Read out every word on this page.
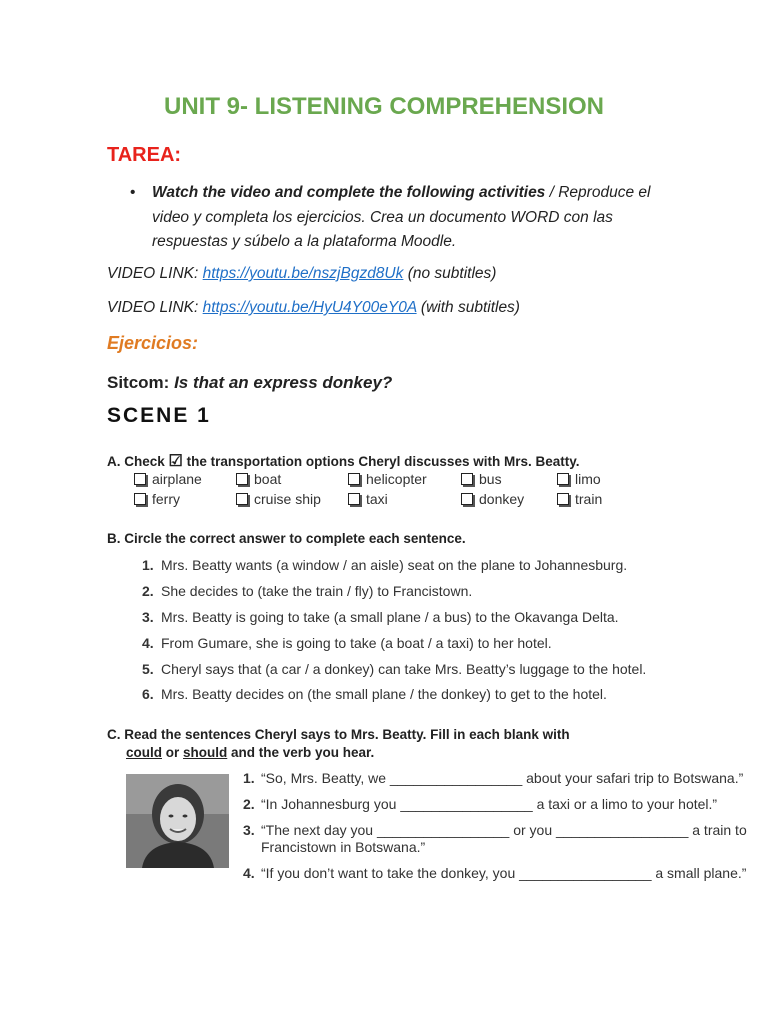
UNIT 9- LISTENING COMPREHENSION
TAREA:
• Watch the video and complete the following activities / Reproduce el video y completa los ejercicios. Crea un documento WORD con las respuestas y súbelo a la plataforma Moodle.
VIDEO LINK: https://youtu.be/nszjBgzd8Uk (no subtitles)
VIDEO LINK: https://youtu.be/HyU4Y00eY0A (with subtitles)
Ejercicios:
Sitcom: Is that an express donkey?
SCENE 1
A. Check ☑ the transportation options Cheryl discusses with Mrs. Beatty.
airplane	boat	helicopter	bus	limo
ferry	cruise ship	taxi	donkey	train
B. Circle the correct answer to complete each sentence.
1. Mrs. Beatty wants (a window / an aisle) seat on the plane to Johannesburg.
2. She decides to (take the train / fly) to Francistown.
3. Mrs. Beatty is going to take (a small plane / a bus) to the Okavanga Delta.
4. From Gumare, she is going to take (a boat / a taxi) to her hotel.
5. Cheryl says that (a car / a donkey) can take Mrs. Beatty’s luggage to the hotel.
6. Mrs. Beatty decides on (the small plane / the donkey) to get to the hotel.
C. Read the sentences Cheryl says to Mrs. Beatty. Fill in each blank with
could or should and the verb you hear.
1. “So, Mrs. Beatty, we _________________ about your safari trip to Botswana.”
2. “In Johannesburg you _________________ a taxi or a limo to your hotel.”
3. “The next day you _________________ or you _________________ a train to
Francistown in Botswana.”
4. “If you don’t want to take the donkey, you _________________ a small plane.”
